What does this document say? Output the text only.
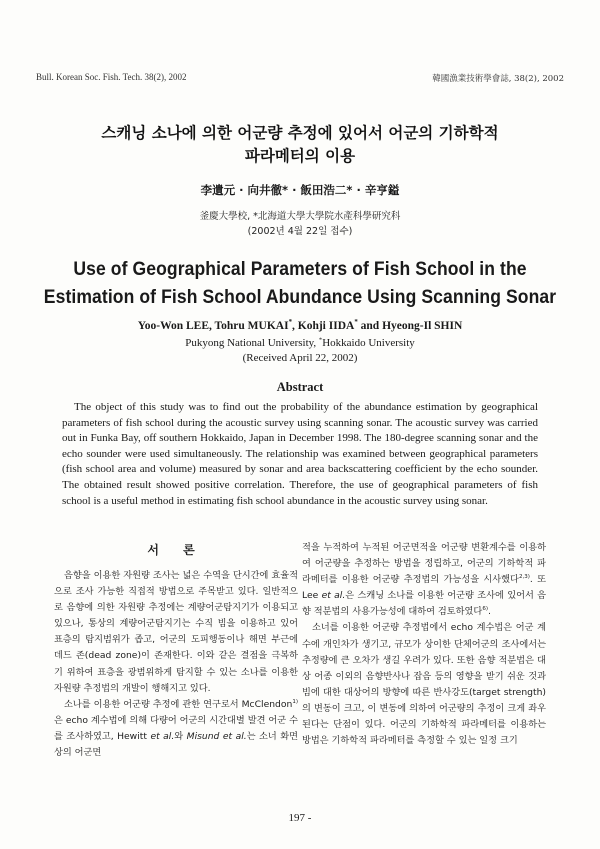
Bull. Korean Soc. Fish. Tech. 38(2), 2002	韓國漁業技術學會誌, 38(2), 2002
스캐닝 소나에 의한 어군량 추정에 있어서 어군의 기하학적
파라메터의 이용
李遺元 · 向井徹* · 飯田浩二* · 辛亨鎰
釜慶大學校, *北海道大學大學院水產科學研究科
(2002년 4월 22일 접수)
Use of Geographical Parameters of Fish School in the
Estimation of Fish School Abundance Using Scanning Sonar
Yoo-Won LEE, Tohru MUKAI*, Kohji IIDA* and Hyeong-Il SHIN
Pukyong National University, *Hokkaido University
(Received April 22, 2002)
Abstract
The object of this study was to find out the probability of the abundance estimation by geographical parameters of fish school during the acoustic survey using scanning sonar. The acoustic survey was carried out in Funka Bay, off southern Hokkaido, Japan in December 1998. The 180-degree scanning sonar and the echo sounder were used simultaneously. The relationship was examined between geographical parameters (fish school area and volume) measured by sonar and area backscattering coefficient by the echo sounder. The obtained result showed positive correlation. Therefore, the use of geographical parameters of fish school is a useful method in estimating fish school abundance in the acoustic survey using sonar.
서 론

음향을 이용한 자원량 조사는 넓은 수역을 단시간에 효율적으로 조사 가능한 직접적 방법으로 주목받고 있다. 일반적으로 음향에 의한 자원량 추정에는 계량어군탐지기가 이용되고 있으나, 통상의 계량어군탐지기는 수직 빔을 이용하고 있어 표층의 탐지범위가 좁고, 어군의 도피행동이나 해면 부근에 데드 존(dead zone)이 존재한다. 이와 같은 결점을 극복하기 위하여 표층을 광범위하게 탐지할 수 있는 소나를 이용한 자원량 추정법의 개발이 행해지고 있다.

소나를 이용한 어군량 추정에 관한 연구로서 McClendon$^{1)}$은 echo 계수법에 의해 다량어 어군의 시간대별 발견 어군 수를 조사하였고, Hewitt et al.와 Misund et al.는 소너 화면상의 어군면

적을 누적하여 누적된 어군면적을 어군량 변환계수를 이용하여 어군량을 추정하는 방법을 정립하고, 어군의 기하학적 파라메터를 이용한 어군량 추정법의 가능성을 시사했다$^{2,3)}$. 또 Lee et al.은 스캐닝 소나를 이용한 어군량 조사에 있어서 음향 적분법의 사용가능성에 대하여 검토하였다$^{6)}$.

소너를 이용한 어군량 추정법에서 echo 계수법은 어군 계수에 개인차가 생기고, 규모가 상이한 단체어군의 조사에서는 추정량에 큰 오차가 생길 우려가 있다. 또한 음향 적분법은 대상 어종 이외의 음향반사나 잡음 등의 영향을 받기 쉬운 것과 빔에 대한 대상어의 방향에 따른 반사강도(target strength)의 변동이 크고, 이 변동에 의하여 어군량의 추정이 크게 좌우된다는 단점이 있다. 어군의 기하학적 파라메터를 이용하는 방법은 기하학적 파라메터를 측정할 수 있는 일정 크기

197 -
